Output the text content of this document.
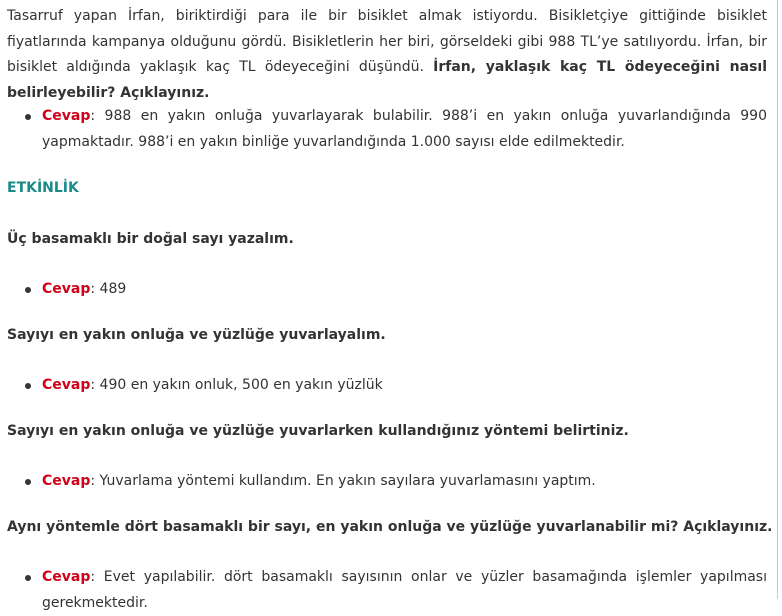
Tasarruf yapan İrfan, biriktirdiği para ile bir bisiklet almak istiyordu. Bisikletçiye gittiğinde bisiklet fiyatlarında kampanya olduğunu gördü. Bisikletlerin her biri, görseldeki gibi 988 TL’ye satılıyordu. İrfan, bir bisiklet aldığında yaklaşık kaç TL ödeyeceğini düşündü. İrfan, yaklaşık kaç TL ödeyeceğini nasıl belirleyebilir? Açıklayınız.

Cevap: 988 en yakın onluğa yuvarlayarak bulabilir. 988’i en yakın onluğa yuvarlandığında 990 yapmaktadır. 988’i en yakın binliğe yuvarlandığında 1.000 sayısı elde edilmektedir.
ETKİNLİK

Üç basamaklı bir doğal sayı yazalım.

Cevap: 489

Sayıyı en yakın onluğa ve yüzlüğe yuvarlayalım.

Cevap: 490 en yakın onluk, 500 en yakın yüzlük

Sayıyı en yakın onluğa ve yüzlüğe yuvarlarken kullandığınız yöntemi belirtiniz.

Cevap: Yuvarlama yöntemi kullandım. En yakın sayılara yuvarlamasını yaptım.

Aynı yöntemle dört basamaklı bir sayı, en yakın onluğa ve yüzlüğe yuvarlanabilir mi? Açıklayınız.

Cevap: Evet yapılabilir. dört basamaklı sayısının onlar ve yüzler basamağında işlemler yapılması gerekmektedir.
